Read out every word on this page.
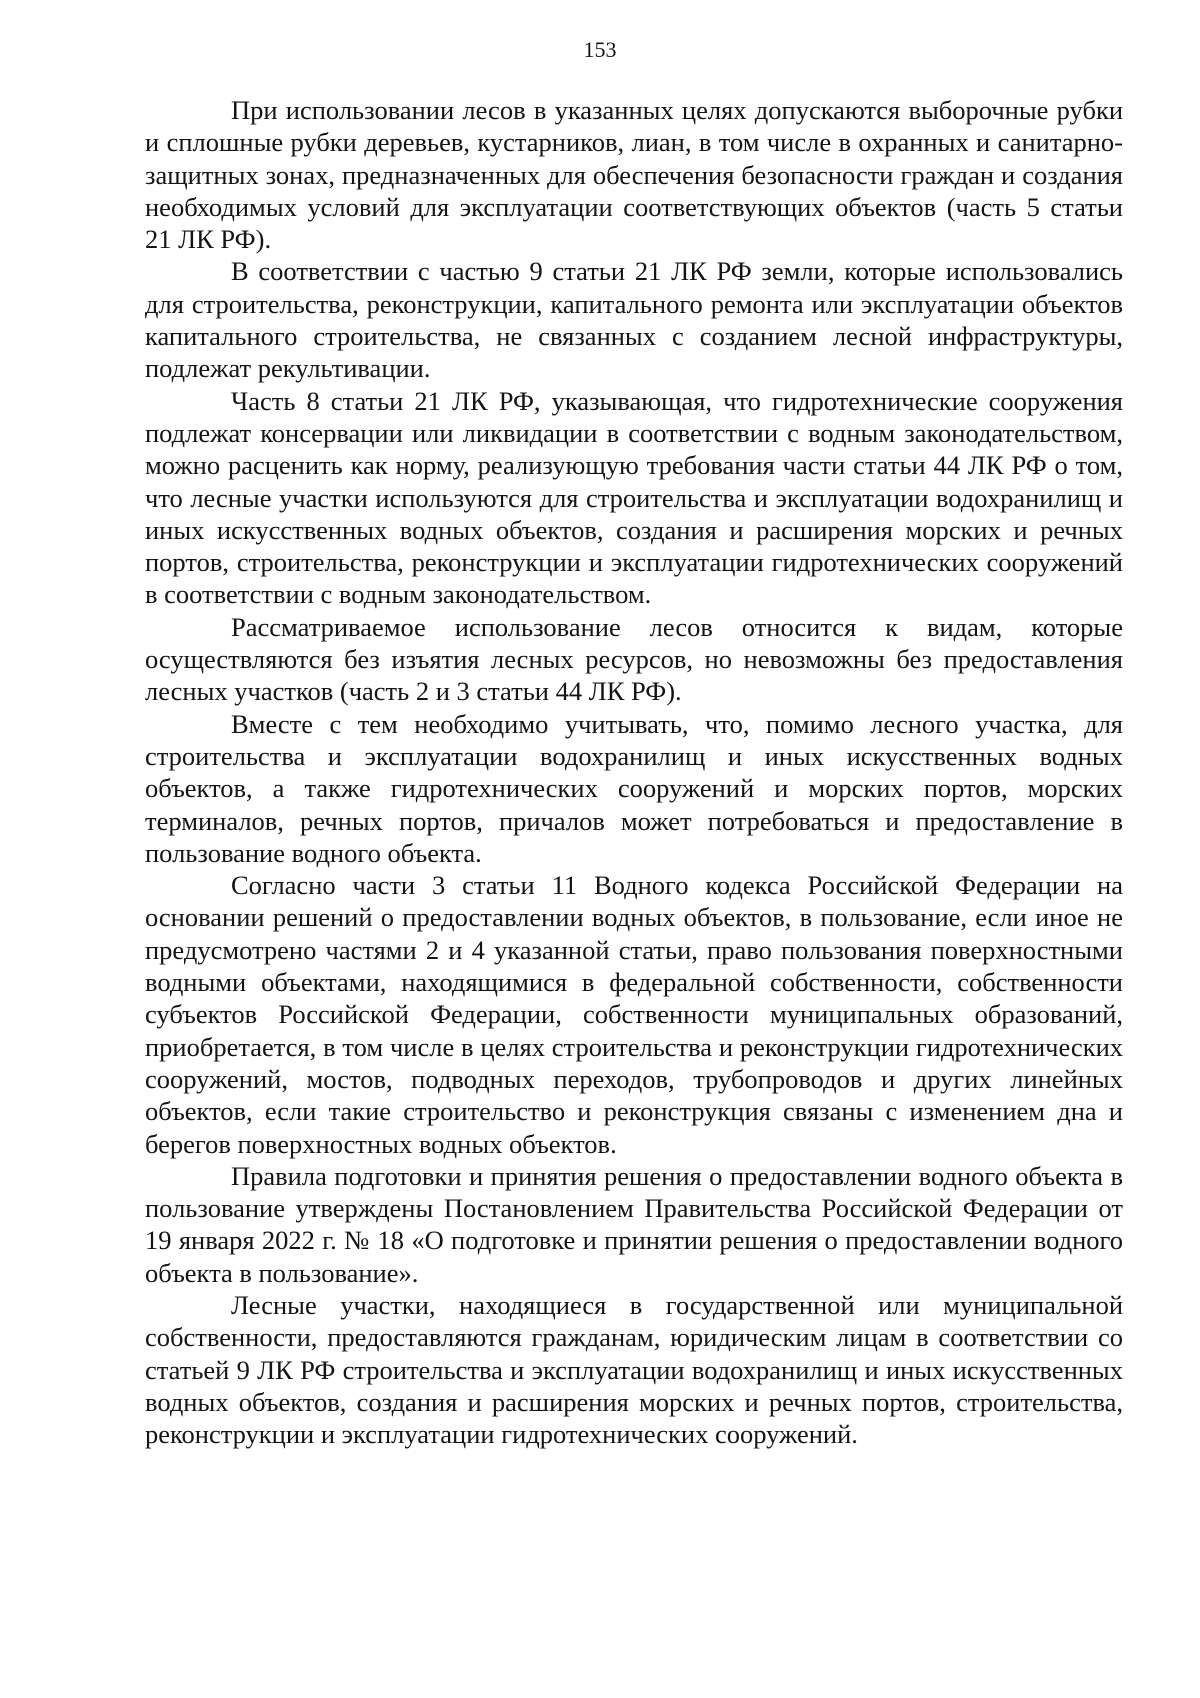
153

При использовании лесов в указанных целях допускаются выборочные рубки и сплошные рубки деревьев, кустарников, лиан, в том числе в охранных и санитарно-защитных зонах, предназначенных для обеспечения безопасности граждан и создания необходимых условий для эксплуатации соответствующих объектов (часть 5 статьи 21 ЛК РФ).

В соответствии с частью 9 статьи 21 ЛК РФ земли, которые использовались для строительства, реконструкции, капитального ремонта или эксплуатации объектов капитального строительства, не связанных с созданием лесной инфраструктуры, подлежат рекультивации.

Часть 8 статьи 21 ЛК РФ, указывающая, что гидротехнические сооружения подлежат консервации или ликвидации в соответствии с водным законодательством, можно расценить как норму, реализующую требования части статьи 44 ЛК РФ о том, что лесные участки используются для строительства и эксплуатации водохранилищ и иных искусственных водных объектов, создания и расширения морских и речных портов, строительства, реконструкции и эксплуатации гидротехнических сооружений в соответствии с водным законодательством.

Рассматриваемое использование лесов относится к видам, которые осуществляются без изъятия лесных ресурсов, но невозможны без предоставления лесных участков (часть 2 и 3 статьи 44 ЛК РФ).

Вместе с тем необходимо учитывать, что, помимо лесного участка, для строительства и эксплуатации водохранилищ и иных искусственных водных объектов, а также гидротехнических сооружений и морских портов, морских терминалов, речных портов, причалов может потребоваться и предоставление в пользование водного объекта.

Согласно части 3 статьи 11 Водного кодекса Российской Федерации на основании решений о предоставлении водных объектов, в пользование, если иное не предусмотрено частями 2 и 4 указанной статьи, право пользования поверхностными водными объектами, находящимися в федеральной собственности, собственности субъектов Российской Федерации, собственности муниципальных образований, приобретается, в том числе в целях строительства и реконструкции гидротехнических сооружений, мостов, подводных переходов, трубопроводов и других линейных объектов, если такие строительство и реконструкция связаны с изменением дна и берегов поверхностных водных объектов.

Правила подготовки и принятия решения о предоставлении водного объекта в пользование утверждены Постановлением Правительства Российской Федерации от 19 января 2022 г. № 18 «О подготовке и принятии решения о предоставлении водного объекта в пользование».

Лесные участки, находящиеся в государственной или муниципальной собственности, предоставляются гражданам, юридическим лицам в соответствии со статьей 9 ЛК РФ строительства и эксплуатации водохранилищ и иных искусственных водных объектов, создания и расширения морских и речных портов, строительства, реконструкции и эксплуатации гидротехнических сооружений.
